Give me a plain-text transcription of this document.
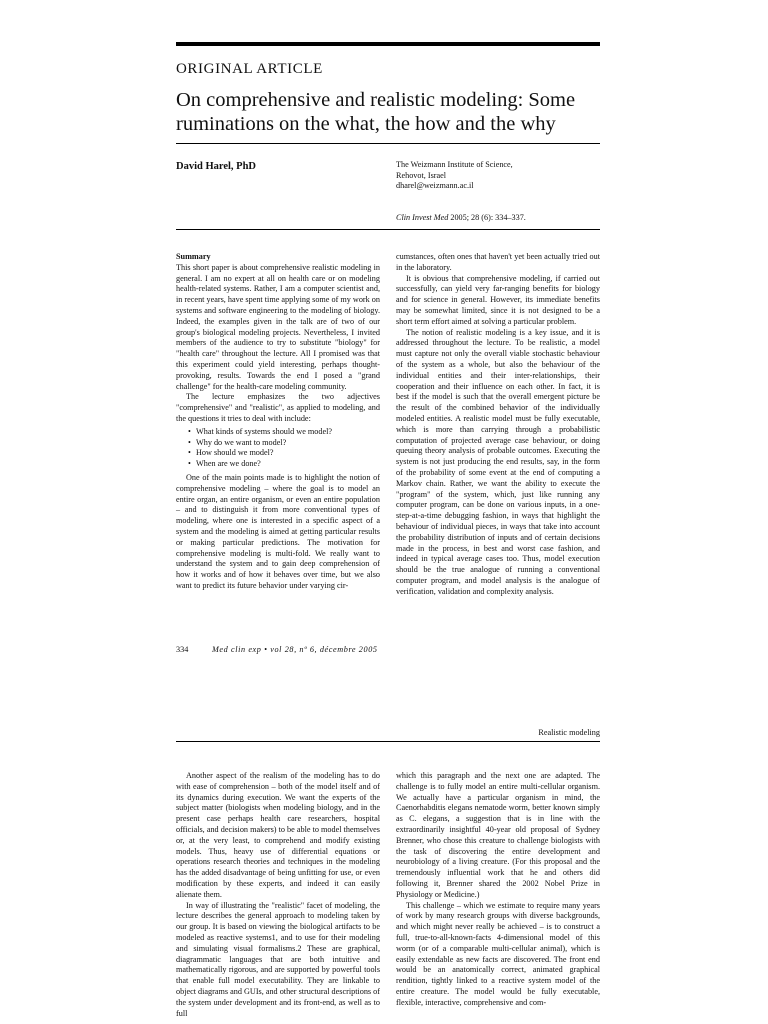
ORIGINAL ARTICLE
On comprehensive and realistic modeling: Some ruminations on the what, the how and the why
David Harel, PhD	The Weizmann Institute of Science,
Rehovot, Israel
dharel@weizmann.ac.il
Clin Invest Med 2005; 28 (6): 334–337.

Summary

This short paper is about comprehensive realistic modeling in general. I am no expert at all on health care or on modeling health-related systems. Rather, I am a computer scientist and, in recent years, have spent time applying some of my work on systems and software engineering to the modeling of biology. Indeed, the examples given in the talk are of two of our group's biological modeling projects. Nevertheless, I invited members of the audience to try to substitute "biology" for "health care" throughout the lecture. All I promised was that this experiment could yield interesting, perhaps thought-provoking, results. Towards the end I posed a "grand challenge" for the health-care modeling community.

The lecture emphasizes the two adjectives "comprehensive" and "realistic", as applied to modeling, and the questions it tries to deal with include:

• What kinds of systems should we model?
• Why do we want to model?
• How should we model?
• When are we done?

One of the main points made is to highlight the notion of comprehensive modeling – where the goal is to model an entire organ, an entire organism, or even an entire population – and to distinguish it from more conventional types of modeling, where one is interested in a specific aspect of a system and the modeling is aimed at getting particular results or making particular predictions. The motivation for comprehensive modeling is multi-fold. We really want to understand the system and to gain deep comprehension of how it works and of how it behaves over time, but we also want to predict its future behavior under varying cir-

cumstances, often ones that haven't yet been actually tried out in the laboratory.

It is obvious that comprehensive modeling, if carried out successfully, can yield very far-ranging benefits for biology and for science in general. However, its immediate benefits may be somewhat limited, since it is not designed to be a short term effort aimed at solving a particular problem.

The notion of realistic modeling is a key issue, and it is addressed throughout the lecture. To be realistic, a model must capture not only the overall viable stochastic behaviour of the system as a whole, but also the behaviour of the individual entities and their inter-relationships, their cooperation and their influence on each other. In fact, it is best if the model is such that the overall emergent picture be the result of the combined behavior of the individually modeled entities. A realistic model must be fully executable, which is more than carrying through a probabilistic computation of projected average case behaviour, or doing queuing theory analysis of probable outcomes. Executing the system is not just producing the end results, say, in the form of the probability of some event at the end of computing a Markov chain. Rather, we want the ability to execute the "program" of the system, which, just like running any computer program, can be done on various inputs, in a one-step-at-a-time debugging fashion, in ways that highlight the behaviour of individual pieces, in ways that take into account the probability distribution of inputs and of certain decisions made in the process, in best and worst case fashion, and indeed in typical average cases too. Thus, model execution should be the true analogue of running a conventional computer program, and model analysis is the analogue of verification, validation and complexity analysis.

334	Med clin exp • vol 28, nº 6, décembre 2005
Realistic modeling

Another aspect of the realism of the modeling has to do with ease of comprehension – both of the model itself and of its dynamics during execution. We want the experts of the subject matter (biologists when modeling biology, and in the present case perhaps health care researchers, hospital officials, and decision makers) to be able to model themselves or, at the very least, to comprehend and modify existing models. Thus, heavy use of differential equations or operations research theories and techniques in the modeling has the added disadvantage of being unfitting for use, or even modification by these experts, and indeed it can easily alienate them.

In way of illustrating the "realistic" facet of modeling, the lecture describes the general approach to modeling taken by our group. It is based on viewing the biological artifacts to be modeled as reactive systems1, and to use for their modeling and simulating visual formalisms.2 These are graphical, diagrammatic languages that are both intuitive and mathematically rigorous, and are supported by powerful tools that enable full model executability. They are linkable to object diagrams and GUIs, and other structural descriptions of the system under development and its front-end, as well as to full

which this paragraph and the next one are adapted. The challenge is to fully model an entire multi-cellular organism. We actually have a particular organism in mind, the Caenorhabditis elegans nematode worm, better known simply as C. elegans, a suggestion that is in line with the extraordinarily insightful 40-year old proposal of Sydney Brenner, who chose this creature to challenge biologists with the task of discovering the entire development and neurobiology of a living creature. (For this proposal and the tremendously influential work that he and others did following it, Brenner shared the 2002 Nobel Prize in Physiology or Medicine.)

This challenge – which we estimate to require many years of work by many research groups with diverse backgrounds, and which might never really be achieved – is to construct a full, true-to-all-known-facts 4-dimensional model of this worm (or of a comparable multi-cellular animal), which is easily extendable as new facts are discovered. The front end would be an anatomically correct, animated graphical rendition, tightly linked to a reactive system model of the entire creature. The model would be fully executable, flexible, interactive, comprehensive and com-
